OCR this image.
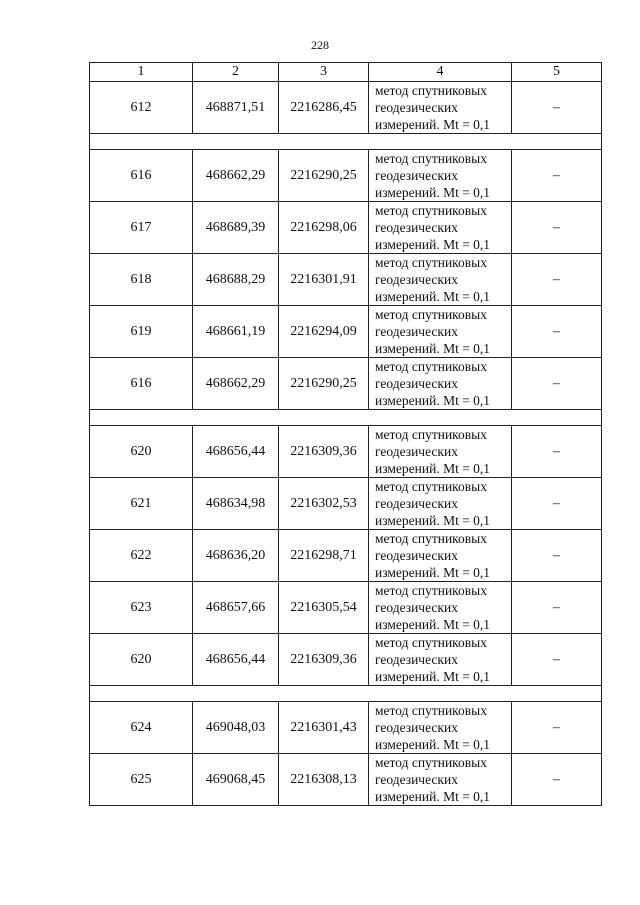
228
1	2	3	4	5
612	468871,51	2216286,45	метод спутниковых
геодезических
измерений. Mt = 0,1	–

616	468662,29	2216290,25	метод спутниковых
геодезических
измерений. Mt = 0,1	–
617	468689,39	2216298,06	метод спутниковых
геодезических
измерений. Mt = 0,1	–
618	468688,29	2216301,91	метод спутниковых
геодезических
измерений. Mt = 0,1	–
619	468661,19	2216294,09	метод спутниковых
геодезических
измерений. Mt = 0,1	–
616	468662,29	2216290,25	метод спутниковых
геодезических
измерений. Mt = 0,1	–

620	468656,44	2216309,36	метод спутниковых
геодезических
измерений. Mt = 0,1	–
621	468634,98	2216302,53	метод спутниковых
геодезических
измерений. Mt = 0,1	–
622	468636,20	2216298,71	метод спутниковых
геодезических
измерений. Mt = 0,1	–
623	468657,66	2216305,54	метод спутниковых
геодезических
измерений. Mt = 0,1	–
620	468656,44	2216309,36	метод спутниковых
геодезических
измерений. Mt = 0,1	–

624	469048,03	2216301,43	метод спутниковых
геодезических
измерений. Mt = 0,1	–
625	469068,45	2216308,13	метод спутниковых
геодезических
измерений. Mt = 0,1	–
